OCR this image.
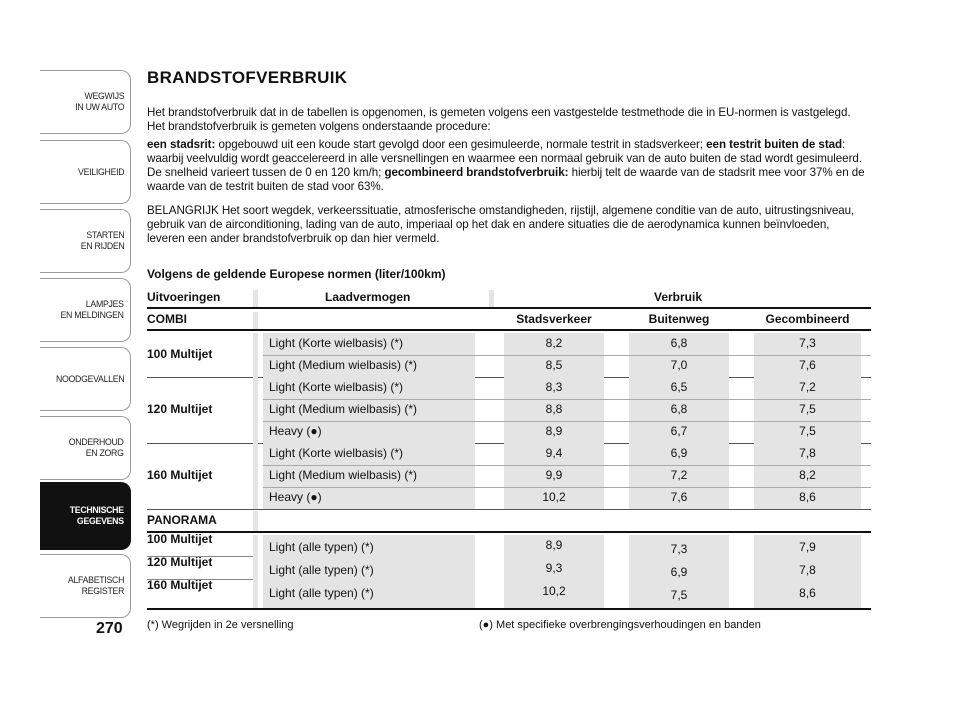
WEGWIJS
IN UW AUTO
VEILIGHEID
STARTEN
EN RIJDEN
LAMPJES
EN MELDINGEN
NOODGEVALLEN
ONDERHOUD
EN ZORG
TECHNISCHE
GEGEVENS
ALFABETISCH
REGISTER
270
BRANDSTOFVERBRUIK

Het brandstofverbruik dat in de tabellen is opgenomen, is gemeten volgens een vastgestelde testmethode die in EU-normen is vastgelegd. Het brandstofverbruik is gemeten volgens onderstaande procedure:

een stadsrit: opgebouwd uit een koude start gevolgd door een gesimuleerde, normale testrit in stadsverkeer; een testrit buiten de stad: waarbij veelvuldig wordt geaccelereerd in alle versnellingen en waarmee een normaal gebruik van de auto buiten de stad wordt gesimuleerd. De snelheid varieert tussen de 0 en 120 km/h; gecombineerd brandstofverbruik: hierbij telt de waarde van de stadsrit mee voor 37% en de waarde van de testrit buiten de stad voor 63%.

BELANGRIJK Het soort wegdek, verkeerssituatie, atmosferische omstandigheden, rijstijl, algemene conditie van de auto, uitrustingsniveau, gebruik van de airconditioning, lading van de auto, imperiaal op het dak en andere situaties die de aerodynamica kunnen beïnvloeden, leveren een ander brandstofverbruik op dan hier vermeld.

Volgens de geldende Europese normen (liter/100km)
Uitvoeringen	Laadvermogen	Verbruik
COMBI	Stadsverkeer	Buitenweg	Gecombineerd
100 Multijet
Light (Korte wielbasis) (*)	8,2	6,8	7,3
Light (Medium wielbasis) (*)	8,5	7,0	7,6
120 Multijet
Light (Korte wielbasis) (*)	8,3	6,5	7,2
Light (Medium wielbasis) (*)	8,8	6,8	7,5
Heavy (●)	8,9	6,7	7,5
160 Multijet
Light (Korte wielbasis) (*)	9,4	6,9	7,8
Light (Medium wielbasis) (*)	9,9	7,2	8,2
Heavy (●)	10,2	7,6	8,6
PANORAMA
100 Multijet
Light (alle typen) (*)	8,9	7,3	7,9
120 Multijet
Light (alle typen) (*)	9,3	6,9	7,8
160 Multijet
Light (alle typen) (*)	10,2	7,5	8,6
(*) Wegrijden in 2e versnelling	(●) Met specifieke overbrengingsverhoudingen en banden
